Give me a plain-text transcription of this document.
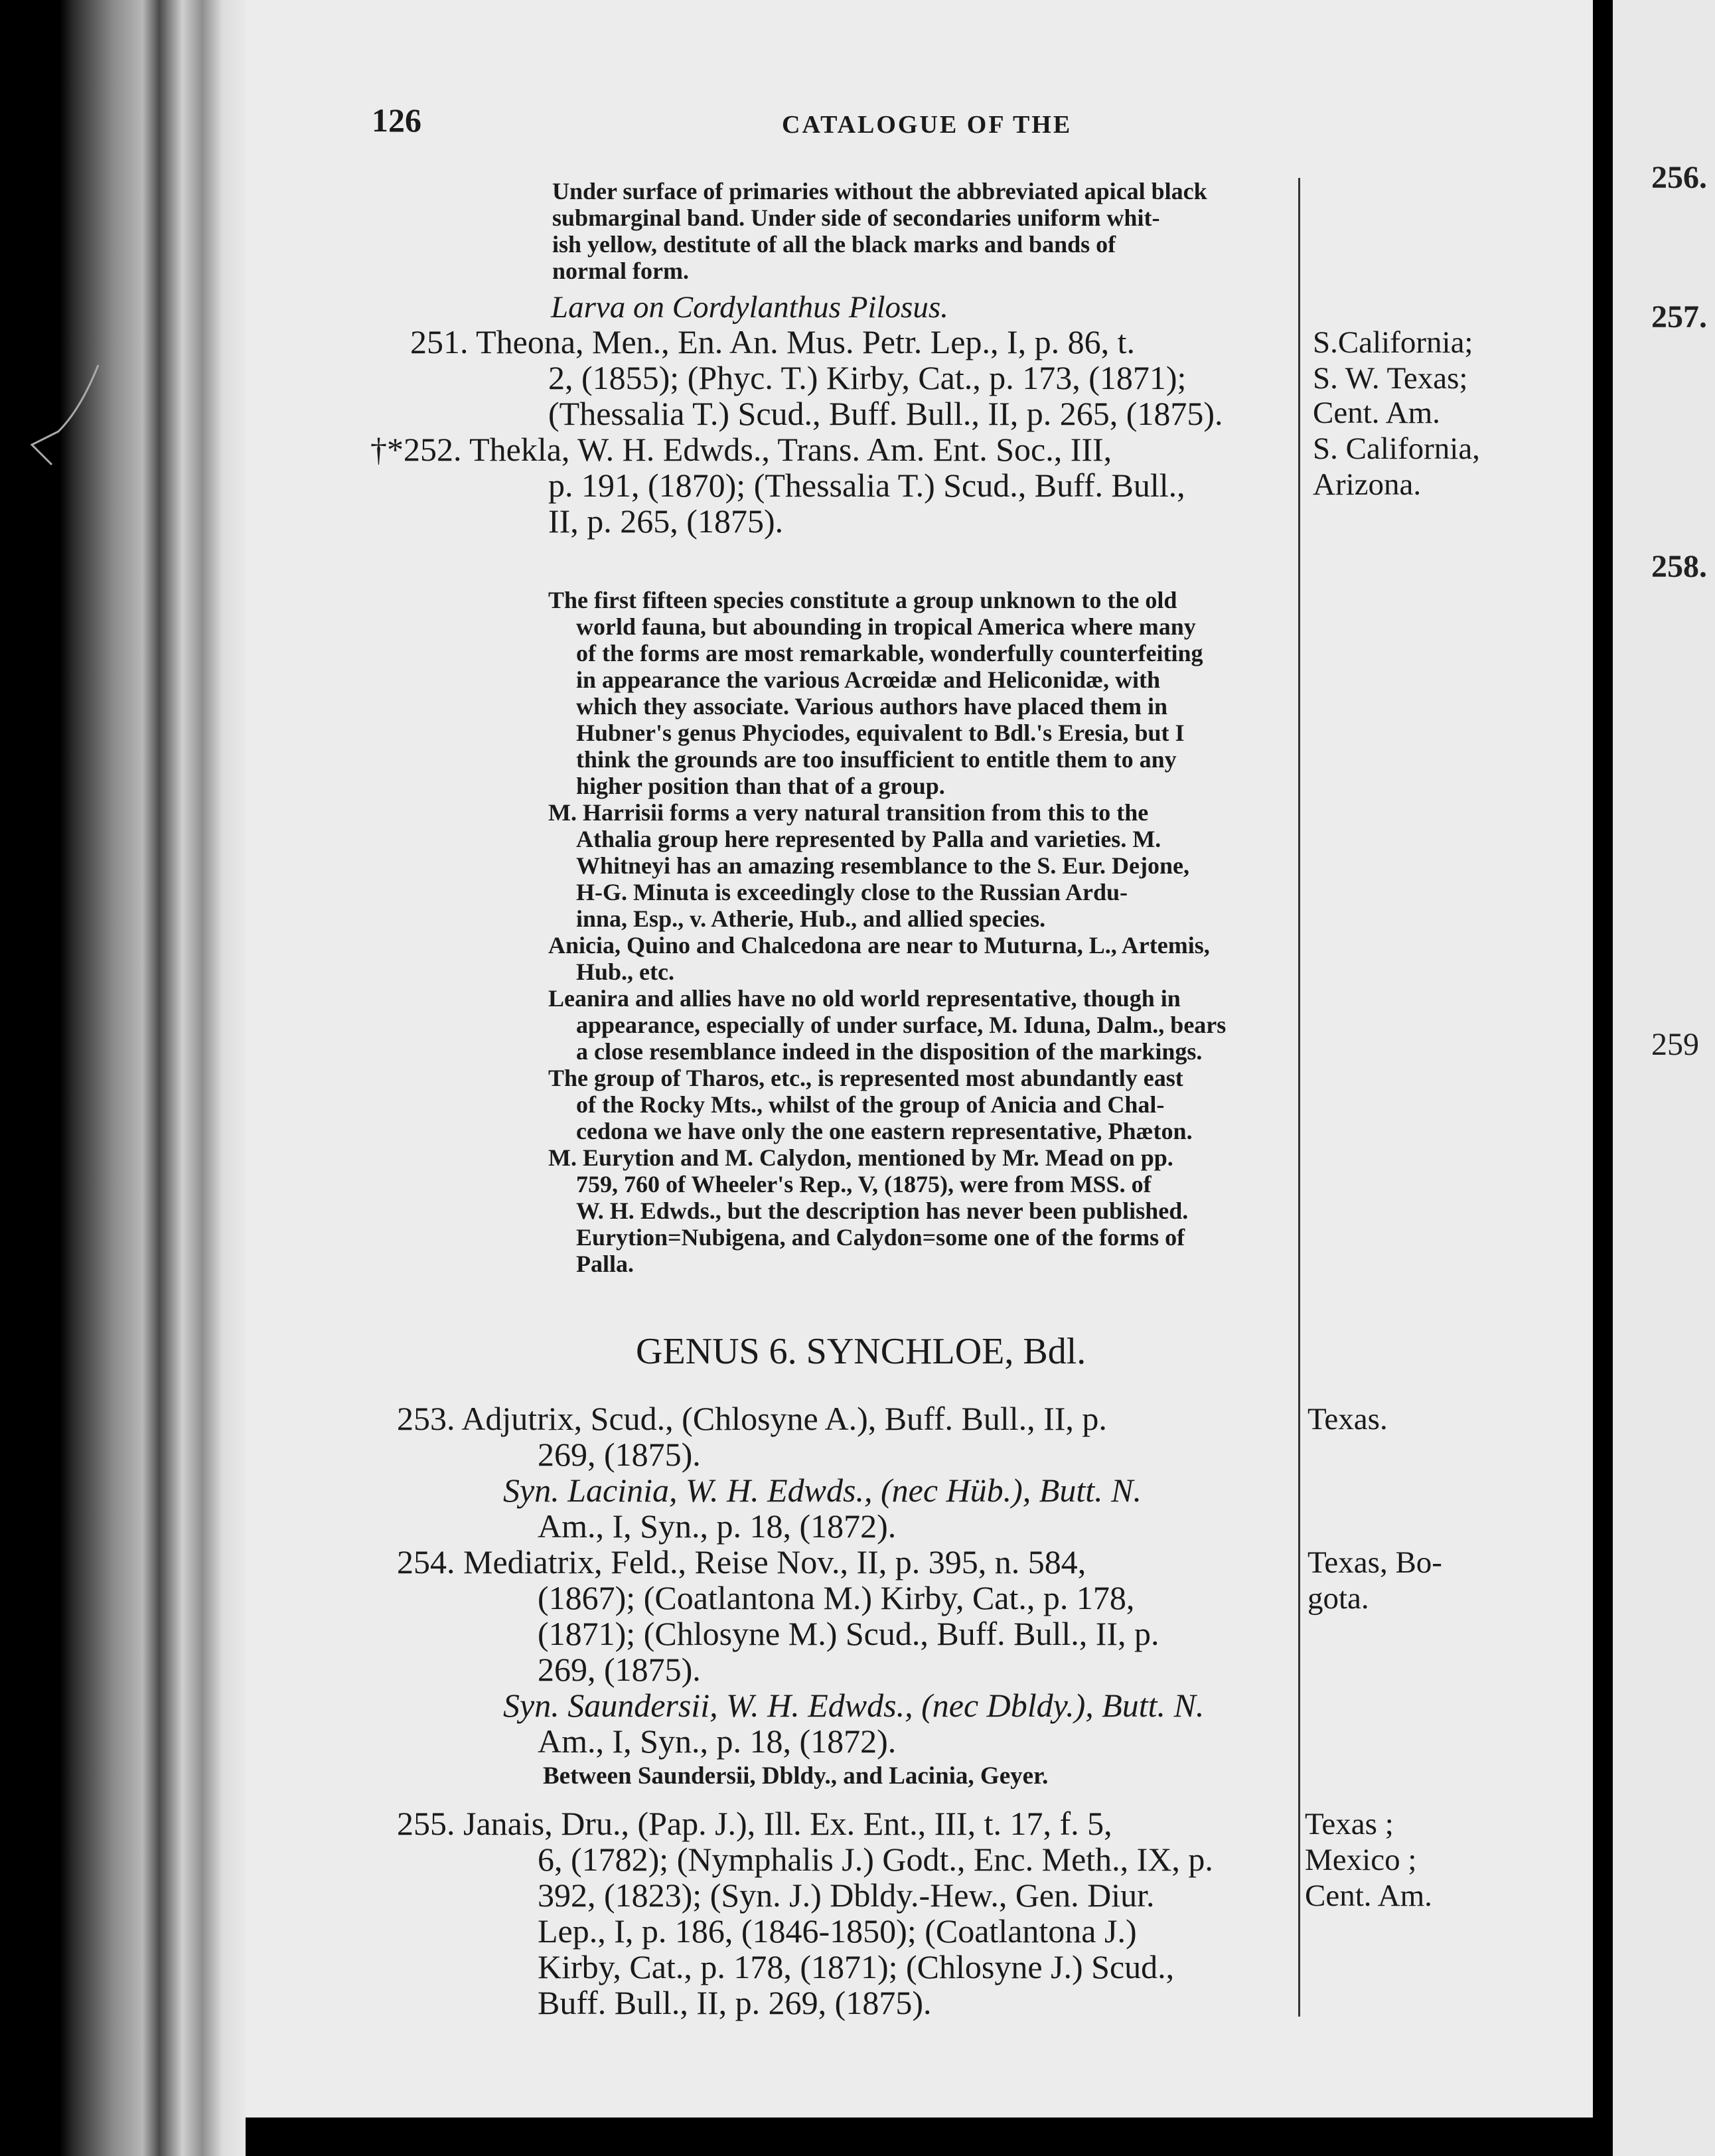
126	CATALOGUE OF THE
Under surface of primaries without the abbreviated apical black
submarginal band. Under side of secondaries uniform whit-
ish yellow, destitute of all the black marks and bands of
normal form.
Larva on Cordylanthus Pilosus.
251. Theona, Men., En. An. Mus. Petr. Lep., I, p. 86, t.
2, (1855); (Phyc. T.) Kirby, Cat., p. 173, (1871);
(Thessalia T.) Scud., Buff. Bull., II, p. 265, (1875).
S.California;
S. W. Texas;
Cent. Am.
†*252. Thekla, W. H. Edwds., Trans. Am. Ent. Soc., III,
p. 191, (1870); (Thessalia T.) Scud., Buff. Bull.,
II, p. 265, (1875).
S. California,
Arizona.
The first fifteen species constitute a group unknown to the old
world fauna, but abounding in tropical America where many
of the forms are most remarkable, wonderfully counterfeiting
in appearance the various Acrœidæ and Heliconidæ, with
which they associate. Various authors have placed them in
Hubner's genus Phyciodes, equivalent to Bdl.'s Eresia, but I
think the grounds are too insufficient to entitle them to any
higher position than that of a group.
M. Harrisii forms a very natural transition from this to the
Athalia group here represented by Palla and varieties. M.
Whitneyi has an amazing resemblance to the S. Eur. Dejone,
H-G. Minuta is exceedingly close to the Russian Ardu-
inna, Esp., v. Atherie, Hub., and allied species.
Anicia, Quino and Chalcedona are near to Muturna, L., Artemis,
Hub., etc.
Leanira and allies have no old world representative, though in
appearance, especially of under surface, M. Iduna, Dalm., bears
a close resemblance indeed in the disposition of the markings.
The group of Tharos, etc., is represented most abundantly east
of the Rocky Mts., whilst of the group of Anicia and Chal-
cedona we have only the one eastern representative, Phæton.
M. Eurytion and M. Calydon, mentioned by Mr. Mead on pp.
759, 760 of Wheeler's Rep., V, (1875), were from MSS. of
W. H. Edwds., but the description has never been published.
Eurytion=Nubigena, and Calydon=some one of the forms of
Palla.
GENUS 6. SYNCHLOE, Bdl.
253. Adjutrix, Scud., (Chlosyne A.), Buff. Bull., II, p.
269, (1875).
Syn. Lacinia, W. H. Edwds., (nec Hüb.), Butt. N.
Am., I, Syn., p. 18, (1872).
Texas.
254. Mediatrix, Feld., Reise Nov., II, p. 395, n. 584,
(1867); (Coatlantona M.) Kirby, Cat., p. 178,
(1871); (Chlosyne M.) Scud., Buff. Bull., II, p.
269, (1875).
Syn. Saundersii, W. H. Edwds., (nec Dbldy.), Butt. N.
Am., I, Syn., p. 18, (1872).
Between Saundersii, Dbldy., and Lacinia, Geyer.
Texas, Bo-
gota.
255. Janais, Dru., (Pap. J.), Ill. Ex. Ent., III, t. 17, f. 5,
6, (1782); (Nymphalis J.) Godt., Enc. Meth., IX, p.
392, (1823); (Syn. J.) Dbldy.-Hew., Gen. Diur.
Lep., I, p. 186, (1846-1850); (Coatlantona J.)
Kirby, Cat., p. 178, (1871); (Chlosyne J.) Scud.,
Buff. Bull., II, p. 269, (1875).
Texas ;
Mexico ;
Cent. Am.
256.
257.
258.
259
